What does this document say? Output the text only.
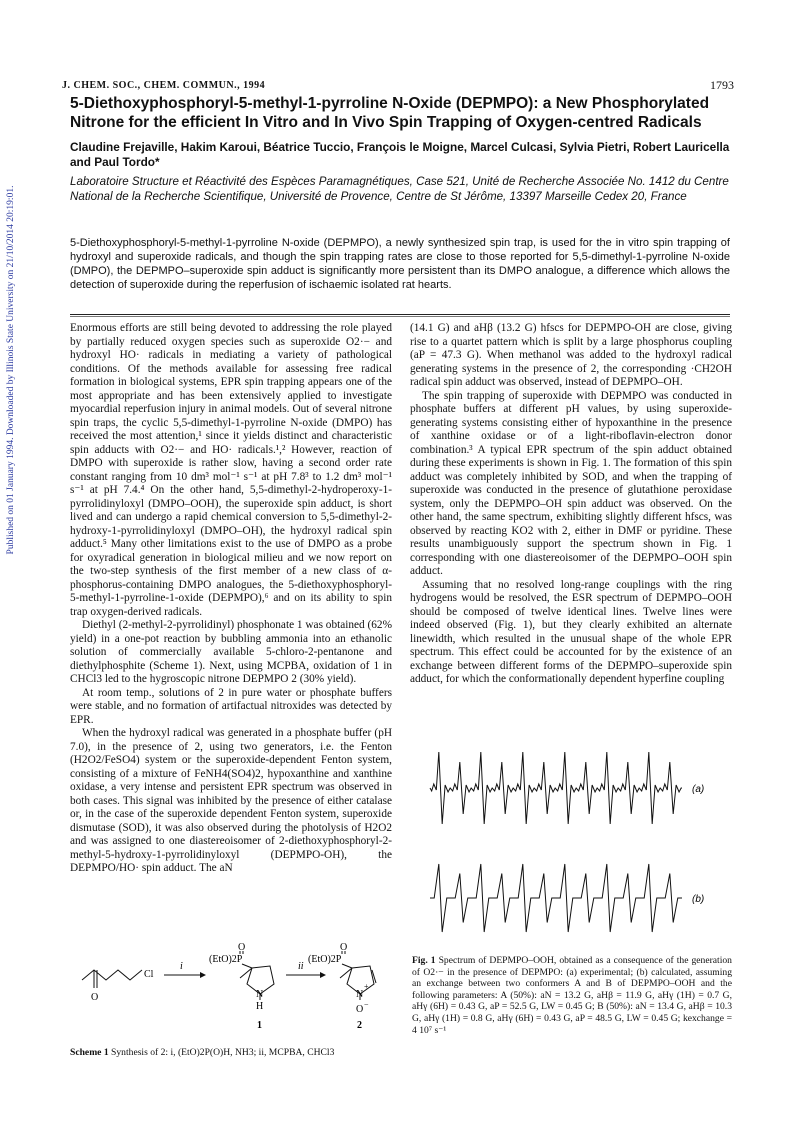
Published on 01 January 1994. Downloaded by Illinois State University on 21/10/2014 20:19:01.
J. CHEM. SOC., CHEM. COMMUN., 1994	1793
5-Diethoxyphosphoryl-5-methyl-1-pyrroline N-Oxide (DEPMPO): a New Phosphorylated Nitrone for the efficient In Vitro and In Vivo Spin Trapping of Oxygen-centred Radicals
Claudine Frejaville, Hakim Karoui, Béatrice Tuccio, François le Moigne, Marcel Culcasi, Sylvia Pietri, Robert Lauricella and Paul Tordo*
Laboratoire Structure et Réactivité des Espèces Paramagnétiques, Case 521, Unité de Recherche Associée No. 1412 du Centre National de la Recherche Scientifique, Université de Provence, Centre de St Jérôme, 13397 Marseille Cedex 20, France
5-Diethoxyphosphoryl-5-methyl-1-pyrroline N-oxide (DEPMPO), a newly synthesized spin trap, is used for the in vitro spin trapping of hydroxyl and superoxide radicals, and though the spin trapping rates are close to those reported for 5,5-dimethyl-1-pyrroline N-oxide (DMPO), the DEPMPO–superoxide spin adduct is significantly more persistent than its DMPO analogue, a difference which allows the detection of superoxide during the reperfusion of ischaemic isolated rat hearts.

Enormous efforts are still being devoted to addressing the role played by partially reduced oxygen species such as superoxide O2·− and hydroxyl HO· radicals in mediating a variety of pathological conditions. Of the methods available for assessing free radical formation in biological systems, EPR spin trapping appears one of the most appropriate and has been extensively applied to investigate myocardial reperfusion injury in animal models. Out of several nitrone spin traps, the cyclic 5,5-dimethyl-1-pyrroline N-oxide (DMPO) has received the most attention,¹ since it yields distinct and characteristic spin adducts with O2·− and HO· radicals.¹,² However, reaction of DMPO with superoxide is rather slow, having a second order rate constant ranging from 10 dm³ mol⁻¹ s⁻¹ at pH 7.8³ to 1.2 dm³ mol⁻¹ s⁻¹ at pH 7.4.⁴ On the other hand, 5,5-dimethyl-2-hydroperoxy-1-pyrrolidinyloxyl (DMPO–OOH), the superoxide spin adduct, is short lived and can undergo a rapid chemical conversion to 5,5-dimethyl-2-hydroxy-1-pyrrolidinyloxyl (DMPO–OH), the hydroxyl radical spin adduct.⁵ Many other limitations exist to the use of DMPO as a probe for oxyradical generation in biological milieu and we now report on the two-step synthesis of the first member of a new class of α-phosphorus-containing DMPO analogues, the 5-diethoxyphosphoryl-5-methyl-1-pyrroline-1-oxide (DEPMPO),⁶ and on its ability to spin trap oxygen-derived radicals.

Diethyl (2-methyl-2-pyrrolidinyl) phosphonate 1 was obtained (62% yield) in a one-pot reaction by bubbling ammonia into an ethanolic solution of commercially available 5-chloro-2-pentanone and diethylphosphite (Scheme 1). Next, using MCPBA, oxidation of 1 in CHCl3 led to the hygroscopic nitrone DEPMPO 2 (30% yield).

At room temp., solutions of 2 in pure water or phosphate buffers were stable, and no formation of artifactual nitroxides was detected by EPR.

When the hydroxyl radical was generated in a phosphate buffer (pH 7.0), in the presence of 2, using two generators, i.e. the Fenton (H2O2/FeSO4) system or the superoxide-dependent Fenton system, consisting of a mixture of FeNH4(SO4)2, hypoxanthine and xanthine oxidase, a very intense and persistent EPR spectrum was observed in both cases. This signal was inhibited by the presence of either catalase or, in the case of the superoxide dependent Fenton system, superoxide dismutase (SOD), it was also observed during the photolysis of H2O2 and was assigned to one diastereoisomer of 2-diethoxyphosphoryl-2-methyl-5-hydroxy-1-pyrrolidinyloxyl (DEPMPO-OH), the DEPMPO/HO· spin adduct. The aN

(14.1 G) and aHβ (13.2 G) hfscs for DEPMPO-OH are close, giving rise to a quartet pattern which is split by a large phosphorus coupling (aP = 47.3 G). When methanol was added to the hydroxyl radical generating systems in the presence of 2, the corresponding ·CH2OH radical spin adduct was observed, instead of DEPMPO–OH.

The spin trapping of superoxide with DEPMPO was conducted in phosphate buffers at different pH values, by using superoxide-generating systems consisting either of hypoxanthine in the presence of xanthine oxidase or of a light-riboflavin-electron donor combination.³ A typical EPR spectrum of the spin adduct obtained during these experiments is shown in Fig. 1. The formation of this spin adduct was completely inhibited by SOD, and when the trapping of superoxide was conducted in the presence of glutathione peroxidase system, only the DEPMPO–OH spin adduct was observed. On the other hand, the same spectrum, exhibiting slightly different hfscs, was observed by reacting KO2 with 2, either in DMF or pyridine. These results unambiguously support the spectrum shown in Fig. 1 corresponding with one diastereoisomer of the DEPMPO–OOH spin adduct.

Assuming that no resolved long-range couplings with the ring hydrogens would be resolved, the ESR spectrum of DEPMPO–OOH should be composed of twelve identical lines. Twelve lines were indeed observed (Fig. 1), but they clearly exhibited an alternate linewidth, which resulted in the unusual shape of the whole EPR spectrum. This effect could be accounted for by the existence of an exchange between different forms of the DEPMPO–superoxide spin adduct, for which the conformationally dependent hyperfine coupling

(a)
(b)
Fig. 1 Spectrum of DEPMPO–OOH, obtained as a consequence of the generation of O2·− in the presence of DEPMPO: (a) experimental; (b) calculated, assuming an exchange between two conformers A and B of DEPMPO–OOH and the following parameters: A (50%): aN = 13.2 G, aHβ = 11.9 G, aHγ (1H) = 0.7 G, aHγ (6H) = 0.43 G, aP = 52.5 G, LW = 0.45 G; B (50%): aN = 13.4 G, aHβ = 10.3 G, aHγ (1H) = 0.8 G, aHγ (6H) = 0.43 G, aP = 48.5 G, LW = 0.45 G; kexchange = 4 10⁷ s⁻¹
O
Cl
i
(EtO)2P
O
N
H
1
ii
(EtO)2P
O
N
+
O −
2
Scheme 1 Synthesis of 2: i, (EtO)2P(O)H, NH3; ii, MCPBA, CHCl3
